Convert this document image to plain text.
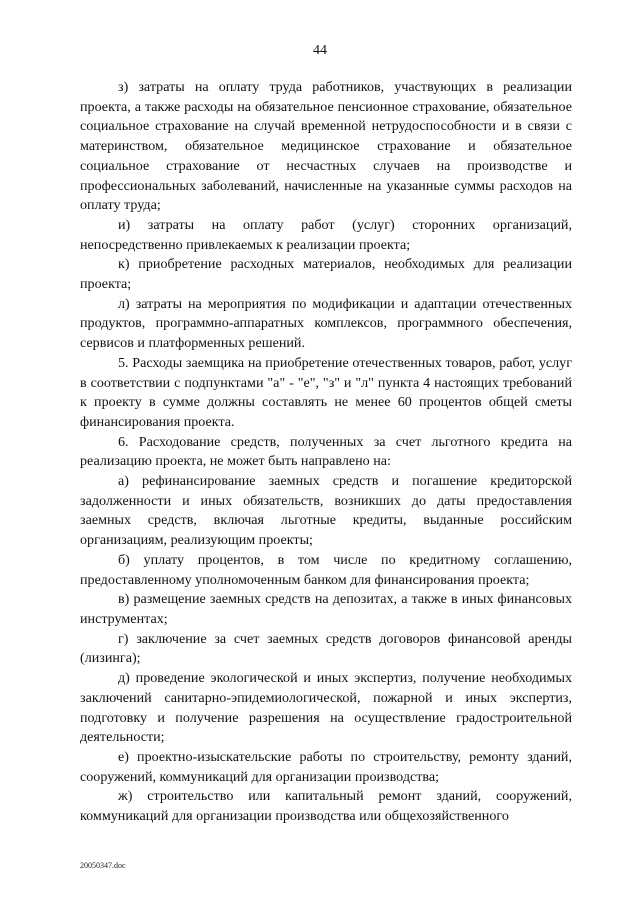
44

з) затраты на оплату труда работников, участвующих в реализации проекта, а также расходы на обязательное пенсионное страхование, обязательное социальное страхование на случай временной нетрудоспособности и в связи с материнством, обязательное медицинское страхование и обязательное социальное страхование от несчастных случаев на производстве и профессиональных заболеваний, начисленные на указанные суммы расходов на оплату труда;

и) затраты на оплату работ (услуг) сторонних организаций, непосредственно привлекаемых к реализации проекта;

к) приобретение расходных материалов, необходимых для реализации проекта;

л) затраты на мероприятия по модификации и адаптации отечественных продуктов, программно-аппаратных комплексов, программного обеспечения, сервисов и платформенных решений.

5. Расходы заемщика на приобретение отечественных товаров, работ, услуг в соответствии с подпунктами "а" - "е", "з" и "л" пункта 4 настоящих требований к проекту в сумме должны составлять не менее 60 процентов общей сметы финансирования проекта.

6. Расходование средств, полученных за счет льготного кредита на реализацию проекта, не может быть направлено на:

а) рефинансирование заемных средств и погашение кредиторской задолженности и иных обязательств, возникших до даты предоставления заемных средств, включая льготные кредиты, выданные российским организациям, реализующим проекты;

б) уплату процентов, в том числе по кредитному соглашению, предоставленному уполномоченным банком для финансирования проекта;

в) размещение заемных средств на депозитах, а также в иных финансовых инструментах;

г) заключение за счет заемных средств договоров финансовой аренды (лизинга);

д) проведение экологической и иных экспертиз, получение необходимых заключений санитарно-эпидемиологической, пожарной и иных экспертиз, подготовку и получение разрешения на осуществление градостроительной деятельности;

е) проектно-изыскательские работы по строительству, ремонту зданий, сооружений, коммуникаций для организации производства;

ж) строительство или капитальный ремонт зданий, сооружений, коммуникаций для организации производства или общехозяйственного

20050347.doc
